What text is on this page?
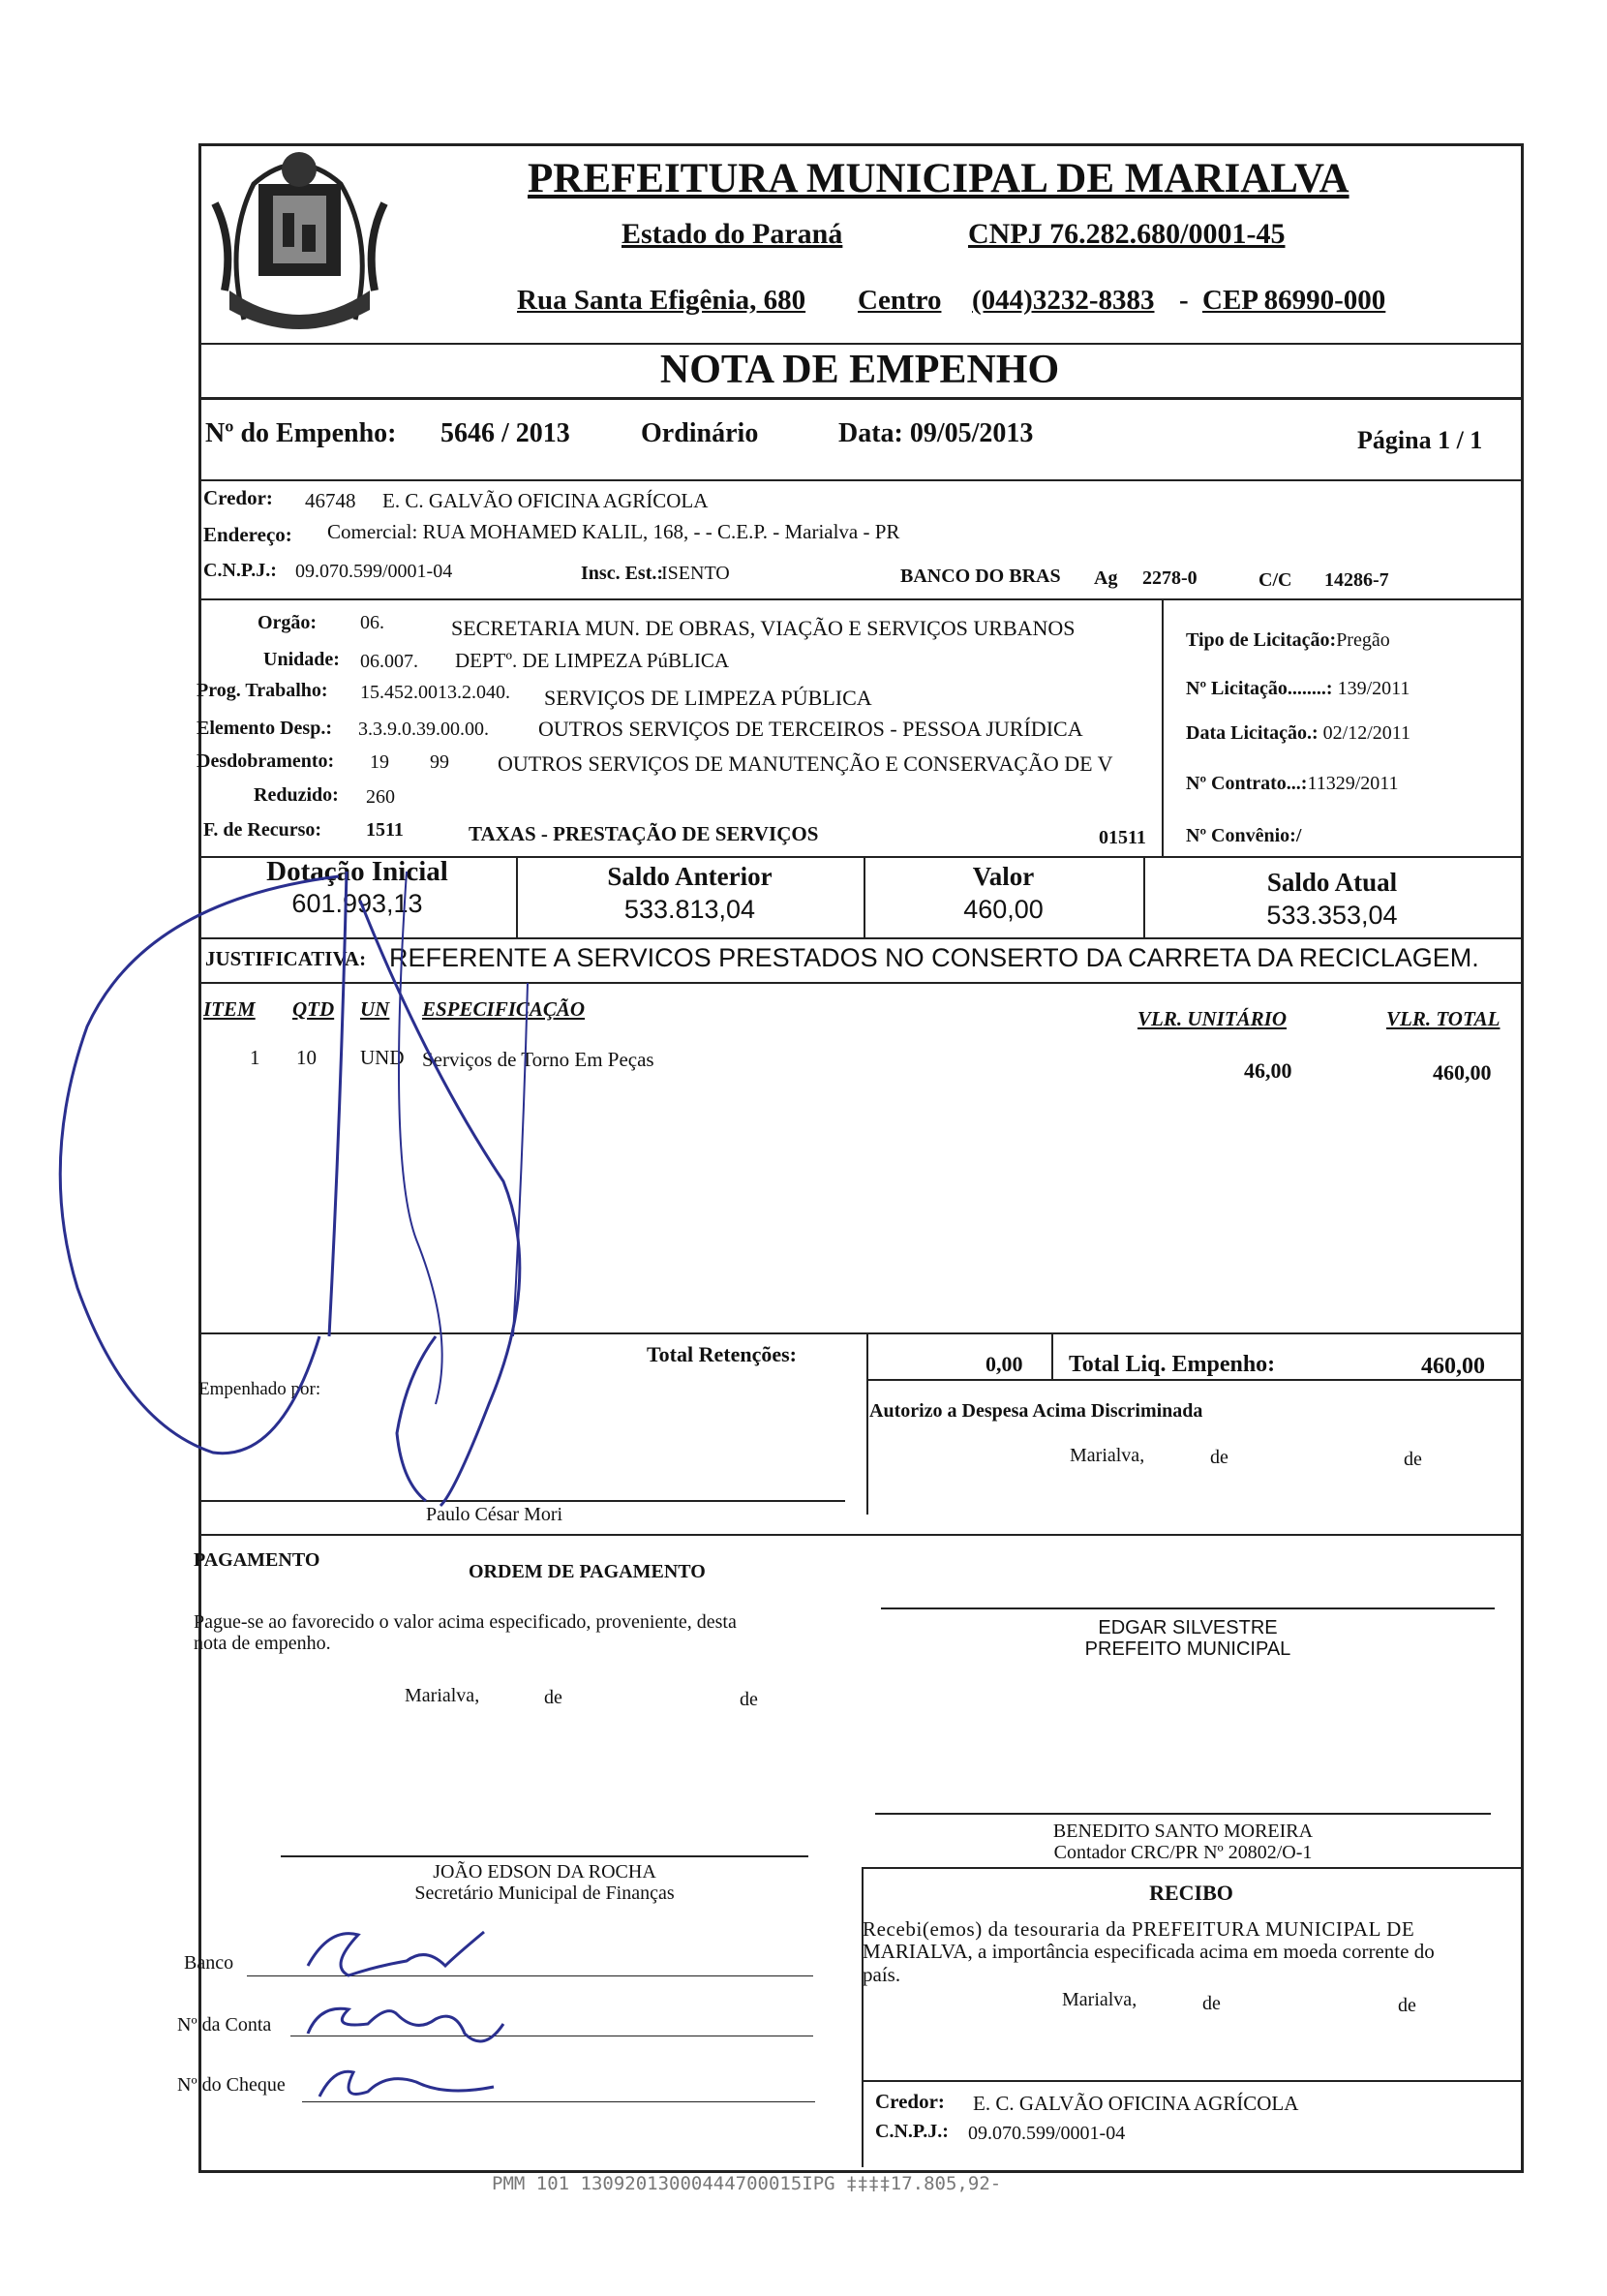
PREFEITURA MUNICIPAL DE MARIALVA
Estado do Paraná	CNPJ 76.282.680/0001-45
Rua Santa Efigênia, 680 Centro (044)3232-8383 - CEP 86990-000
NOTA DE EMPENHO
Nº do Empenho: 5646 / 2013	Ordinário	Data: 09/05/2013	Página 1 / 1
Credor: 46748 E. C. GALVÃO OFICINA AGRÍCOLA
Endereço: Comercial: RUA MOHAMED KALIL, 168, - - C.E.P. - Marialva - PR
C.N.P.J.: 09.070.599/0001-04	Insc. Est.:
ISENTO	BANCO DO BRAS Ag 2278-0	C/C 14286-7
Orgão: 06.	SECRETARIA MUN. DE OBRAS, VIAÇÃO E SERVIÇOS URBANOS
Unidade: 06.007. DEPTº. DE LIMPEZA PúBLICA
Prog. Trabalho: 15.452.0013.2.040. SERVIÇOS DE LIMPEZA PÚBLICA
Elemento Desp.: 3.3.9.0.39.00.00. OUTROS SERVIÇOS DE TERCEIROS - PESSOA JURÍDICA
Desdobramento: 19 99 OUTROS SERVIÇOS DE MANUTENÇÃO E CONSERVAÇÃO DE V
Reduzido: 260
F. de Recurso: 1511	TAXAS - PRESTAÇÃO DE SERVIÇOS	01511
Tipo de Licitação:Pregão
Nº Licitação........: 139/2011
Data Licitação.: 02/12/2011
Nº Contrato...:11329/2011
Nº Convênio:/
Dotação Inicial
601.993,13
Saldo Anterior
533.813,04
Valor
460,00
Saldo Atual
533.353,04
JUSTIFICATIVA: REFERENTE A SERVICOS PRESTADOS NO CONSERTO DA CARRETA DA RECICLAGEM.
ITEM QTD UN ESPECIFICAÇÃO	VLR. UNITÁRIO	VLR. TOTAL
1 10 UND Serviços de Torno Em Peças	46,00	460,00
Total Retenções:	0,00 Total Liq. Empenho:	460,00
Empenhado por:
Autorizo a Despesa Acima Discriminada
Marialva,	de	de
Paulo César Mori
PAGAMENTO
ORDEM DE PAGAMENTO
Pague-se ao favorecido o valor acima especificado, proveniente, desta
nota de empenho.
Marialva,	de	de
EDGAR SILVESTRE
PREFEITO MUNICIPAL
BENEDITO SANTO MOREIRA
Contador CRC/PR Nº 20802/O-1
JOÃO EDSON DA ROCHA
Secretário Municipal de Finanças	RECIBO
Recebi(emos) da tesouraria da PREFEITURA MUNICIPAL DE
MARIALVA, a importância especificada acima em moeda corrente do
país.
Marialva,	de	de
Credor: E. C. GALVÃO OFICINA AGRÍCOLA
C.N.P.J.: 09.070.599/0001-04
Banco
Nº da Conta
Nº do Cheque
PMM 101 13092013000444700015IPG ‡‡‡‡17.805,92-
